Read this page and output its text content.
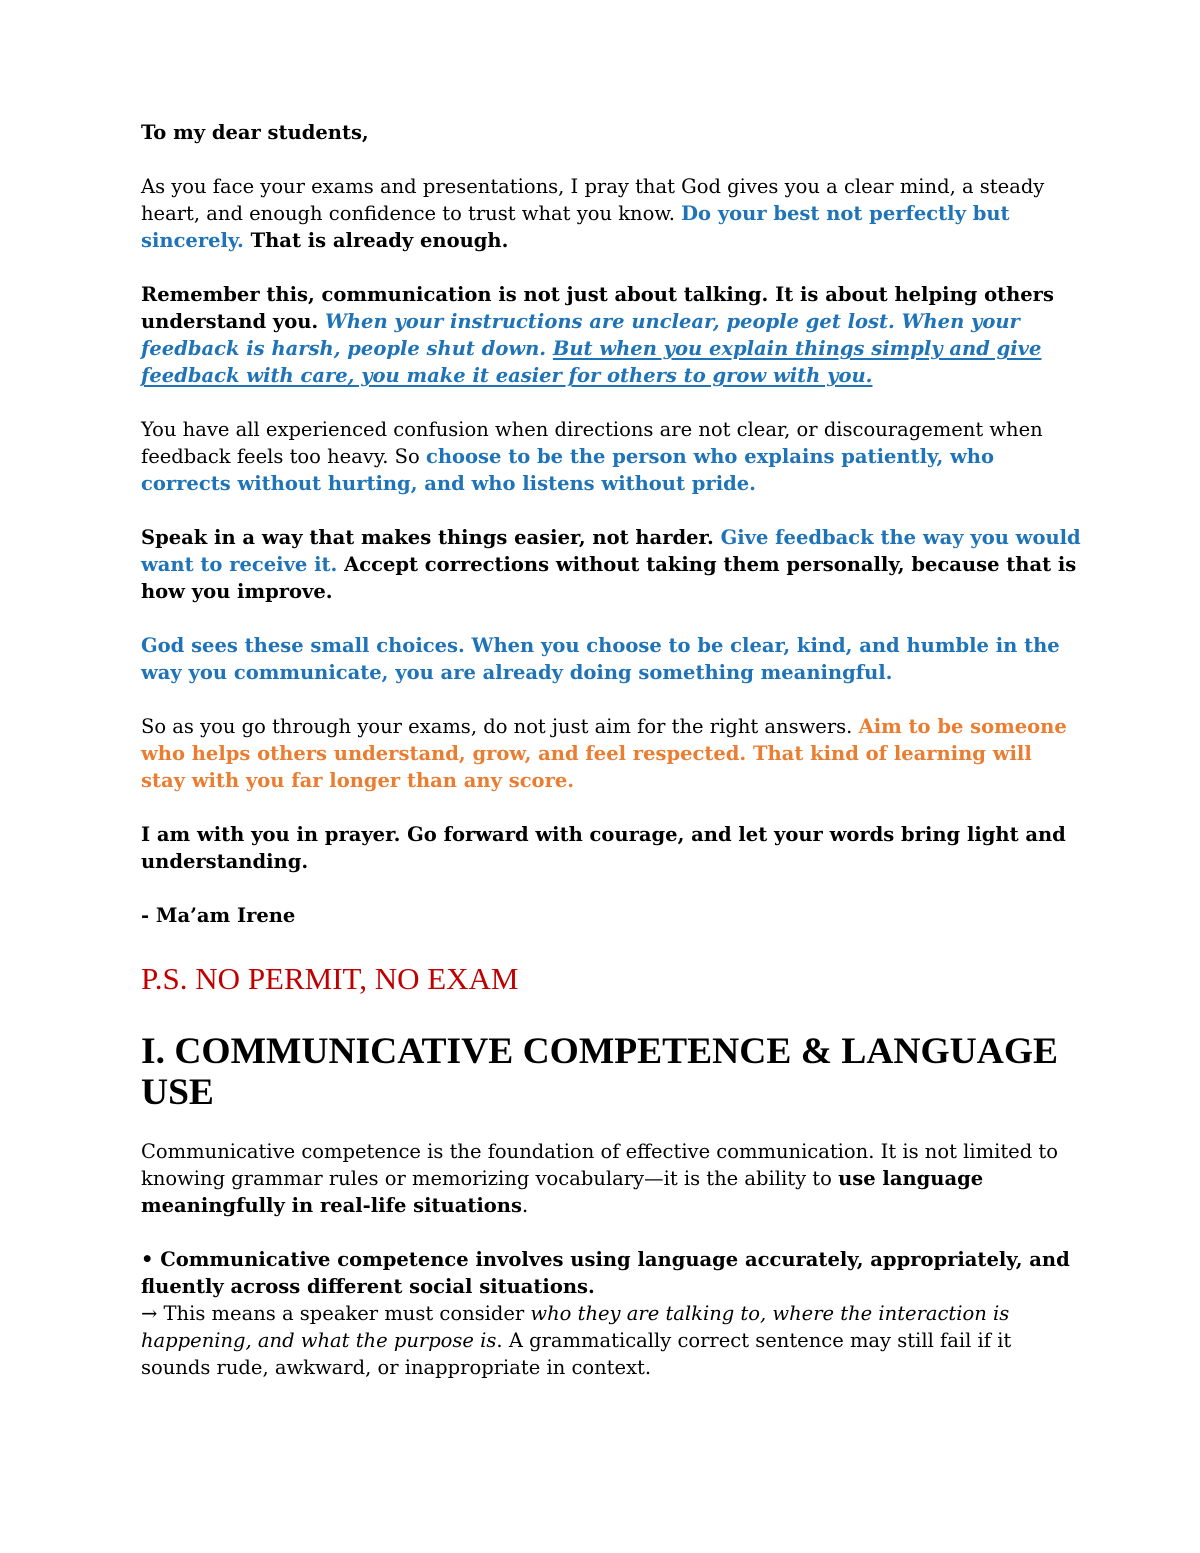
To my dear students,

As you face your exams and presentations, I pray that God gives you a clear mind, a steady heart, and enough confidence to trust what you know. Do your best not perfectly but sincerely. That is already enough.

Remember this, communication is not just about talking. It is about helping others understand you. When your instructions are unclear, people get lost. When your feedback is harsh, people shut down. But when you explain things simply and give feedback with care, you make it easier for others to grow with you.

You have all experienced confusion when directions are not clear, or discouragement when feedback feels too heavy. So choose to be the person who explains patiently, who corrects without hurting, and who listens without pride.

Speak in a way that makes things easier, not harder. Give feedback the way you would want to receive it. Accept corrections without taking them personally, because that is how you improve.

God sees these small choices. When you choose to be clear, kind, and humble in the way you communicate, you are already doing something meaningful.

So as you go through your exams, do not just aim for the right answers. Aim to be someone who helps others understand, grow, and feel respected. That kind of learning will stay with you far longer than any score.

I am with you in prayer. Go forward with courage, and let your words bring light and understanding.

- Ma’am Irene

P.S. NO PERMIT, NO EXAM
I. COMMUNICATIVE COMPETENCE & LANGUAGE USE

Communicative competence is the foundation of effective communication. It is not limited to knowing grammar rules or memorizing vocabulary—it is the ability to use language meaningfully in real-life situations.

• Communicative competence involves using language accurately, appropriately, and fluently across different social situations.

→ This means a speaker must consider who they are talking to, where the interaction is happening, and what the purpose is. A grammatically correct sentence may still fail if it sounds rude, awkward, or inappropriate in context.
